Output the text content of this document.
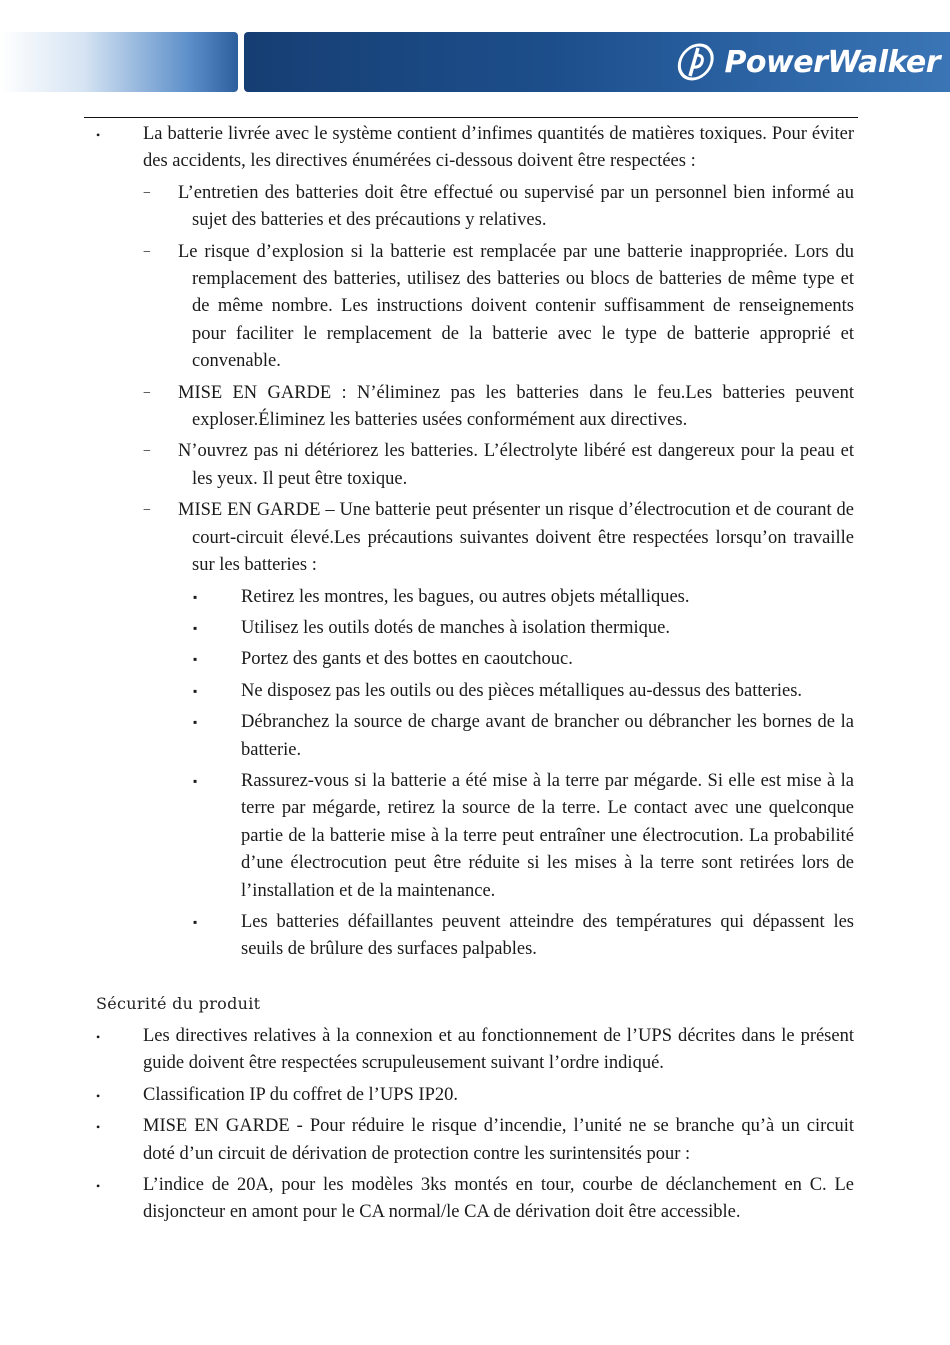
PowerWalker
• La batterie livrée avec le système contient d’infimes quantités de matières toxiques. Pour éviter des accidents, les directives énumérées ci-dessous doivent être respectées :
− L’entretien des batteries doit être effectué ou supervisé par un personnel bien informé au sujet des batteries et des précautions y relatives.
− Le risque d’explosion si la batterie est remplacée par une batterie inappropriée. Lors du remplacement des batteries, utilisez des batteries ou blocs de batteries de même type et de même nombre. Les instructions doivent contenir suffisamment de renseignements pour faciliter le remplacement de la batterie avec le type de batterie approprié et convenable.
− MISE EN GARDE : N’éliminez pas les batteries dans le feu.Les batteries peuvent exploser.Éliminez les batteries usées conformément aux directives.
− N’ouvrez pas ni détériorez les batteries. L’électrolyte libéré est dangereux pour la peau et les yeux. Il peut être toxique.
− MISE EN GARDE – Une batterie peut présenter un risque d’électrocution et de courant de court-circuit élevé.Les précautions suivantes doivent être respectées lorsqu’on travaille sur les batteries :
▪ Retirez les montres, les bagues, ou autres objets métalliques.
▪ Utilisez les outils dotés de manches à isolation thermique.
▪ Portez des gants et des bottes en caoutchouc.
▪ Ne disposez pas les outils ou des pièces métalliques au-dessus des batteries.
▪ Débranchez la source de charge avant de brancher ou débrancher les bornes de la batterie.
▪ Rassurez-vous si la batterie a été mise à la terre par mégarde. Si elle est mise à la terre par mégarde, retirez la source de la terre. Le contact avec une quelconque partie de la batterie mise à la terre peut entraîner une électrocution. La probabilité d’une électrocution peut être réduite si les mises à la terre sont retirées lors de l’installation et de la maintenance.
▪ Les batteries défaillantes peuvent atteindre des températures qui dépassent les seuils de brûlure des surfaces palpables.
Sécurité du produit
• Les directives relatives à la connexion et au fonctionnement de l’UPS décrites dans le présent guide doivent être respectées scrupuleusement suivant l’ordre indiqué.
• Classification IP du coffret de l’UPS IP20.
• MISE EN GARDE - Pour réduire le risque d’incendie, l’unité ne se branche qu’à un circuit doté d’un circuit de dérivation de protection contre les surintensités pour :
• L’indice de 20A, pour les modèles 3ks montés en tour, courbe de déclanchement en C. Le disjoncteur en amont pour le CA normal/le CA de dérivation doit être accessible.
